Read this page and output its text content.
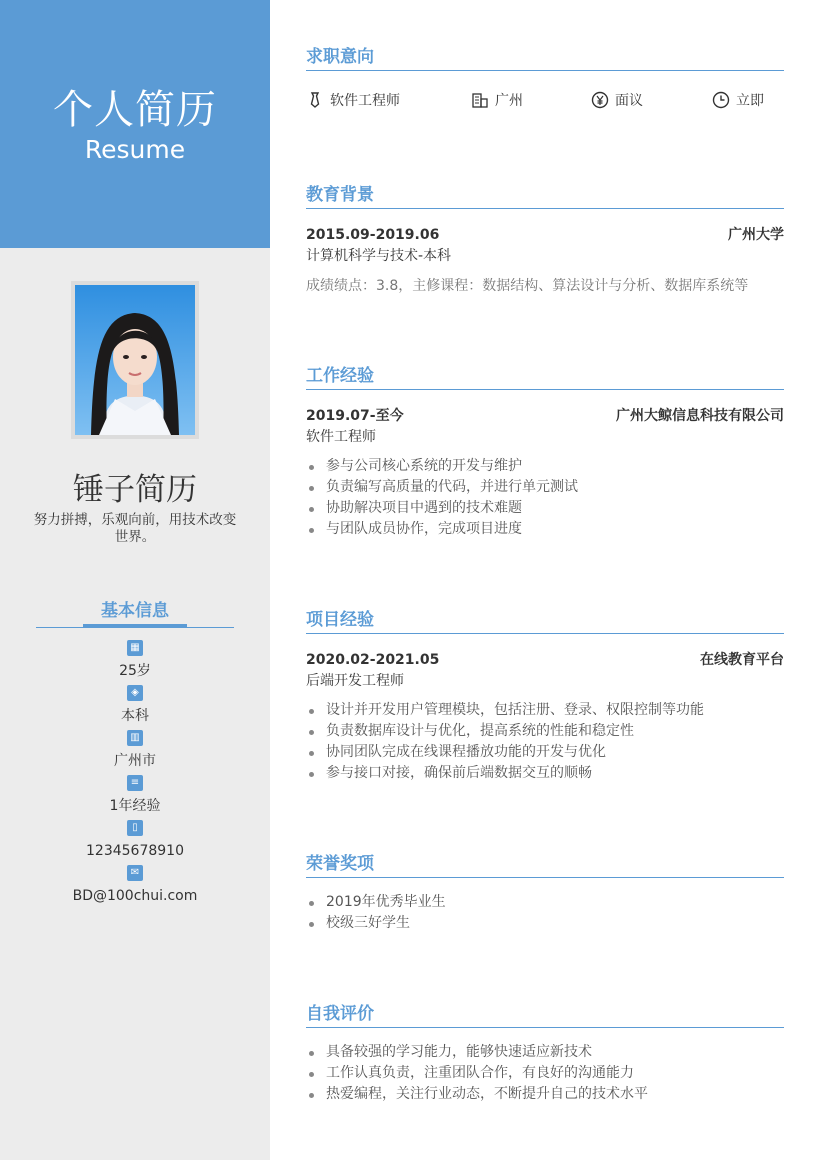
个人简历
Resume
锤子简历
努力拼搏，乐观向前，用技术改变世界。
基本信息
▦
25岁
◈
本科
▥
广州市
≡
1年经验
▯
12345678910
✉
BD@100chui.com
求职意向
软件工程师	广州	面议	立即
教育背景
2015.09-2019.06	广州大学
计算机科学与技术-本科
成绩绩点：3.8，主修课程：数据结构、算法设计与分析、数据库系统等
工作经验
2019.07-至今	广州大鲸信息科技有限公司
软件工程师
参与公司核心系统的开发与维护
负责编写高质量的代码，并进行单元测试
协助解决项目中遇到的技术难题
与团队成员协作，完成项目进度
项目经验
2020.02-2021.05	在线教育平台
后端开发工程师
设计并开发用户管理模块，包括注册、登录、权限控制等功能
负责数据库设计与优化，提高系统的性能和稳定性
协同团队完成在线课程播放功能的开发与优化
参与接口对接，确保前后端数据交互的顺畅
荣誉奖项
2019年优秀毕业生
校级三好学生
自我评价
具备较强的学习能力，能够快速适应新技术
工作认真负责，注重团队合作，有良好的沟通能力
热爱编程，关注行业动态，不断提升自己的技术水平
